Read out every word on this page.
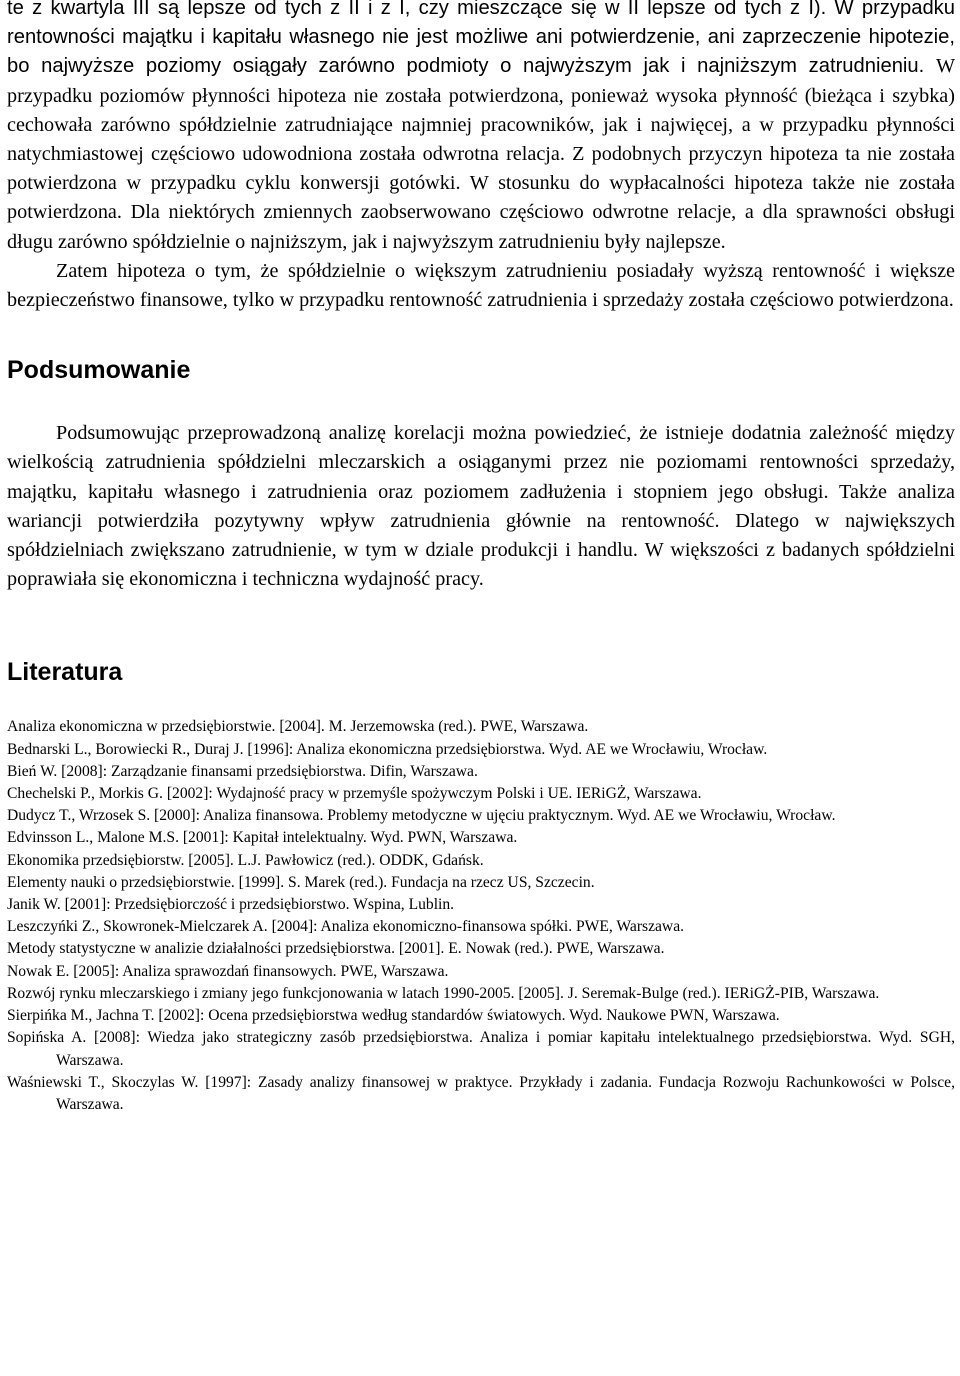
te z kwartyla III są lepsze od tych z II i z I, czy mieszczące się w II lepsze od tych z I). W przypadku rentowności majątku i kapitału własnego nie jest możliwe ani potwierdzenie, ani zaprzeczenie hipotezie, bo najwyższe poziomy osiągały zarówno podmioty o najwyższym jak i najniższym zatrudnieniu. W przypadku poziomów płynności hipoteza nie została potwierdzona, ponieważ wysoka płynność (bieżąca i szybka) cechowała zarówno spółdzielnie zatrudniające najmniej pracowników, jak i najwięcej, a w przypadku płynności natychmiastowej częściowo udowodniona została odwrotna relacja. Z podobnych przyczyn hipoteza ta nie została potwierdzona w przypadku cyklu konwersji gotówki. W stosunku do wypłacalności hipoteza także nie została potwierdzona. Dla niektórych zmiennych zaobserwowano częściowo odwrotne relacje, a dla sprawności obsługi długu zarówno spółdzielnie o najniższym, jak i najwyższym zatrudnieniu były najlepsze.

Zatem hipoteza o tym, że spółdzielnie o większym zatrudnieniu posiadały wyższą rentowność i większe bezpieczeństwo finansowe, tylko w przypadku rentowność zatrudnienia i sprzedaży została częściowo potwierdzona.

Podsumowanie

Podsumowując przeprowadzoną analizę korelacji można powiedzieć, że istnieje dodatnia zależność między wielkością zatrudnienia spółdzielni mleczarskich a osiąganymi przez nie poziomami rentowności sprzedaży, majątku, kapitału własnego i zatrudnienia oraz poziomem zadłużenia i stopniem jego obsługi. Także analiza wariancji potwierdziła pozytywny wpływ zatrudnienia głównie na rentowność. Dlatego w największych spółdzielniach zwiększano zatrudnienie, w tym w dziale produkcji i handlu. W większości z badanych spółdzielni poprawiała się ekonomiczna i techniczna wydajność pracy.

Literatura
Analiza ekonomiczna w przedsiębiorstwie. [2004]. M. Jerzemowska (red.). PWE, Warszawa.
Bednarski L., Borowiecki R., Duraj J. [1996]: Analiza ekonomiczna przedsiębiorstwa. Wyd. AE we Wrocławiu, Wrocław.
Bień W. [2008]: Zarządzanie finansami przedsiębiorstwa. Difin, Warszawa.
Chechelski P., Morkis G. [2002]: Wydajność pracy w przemyśle spożywczym Polski i UE. IERiGŻ, Warszawa.
Dudycz T., Wrzosek S. [2000]: Analiza finansowa. Problemy metodyczne w ujęciu praktycznym. Wyd. AE we Wrocławiu, Wrocław.
Edvinsson L., Malone M.S. [2001]: Kapitał intelektualny. Wyd. PWN, Warszawa.
Ekonomika przedsiębiorstw. [2005]. L.J. Pawłowicz (red.). ODDK, Gdańsk.
Elementy nauki o przedsiębiorstwie. [1999]. S. Marek (red.). Fundacja na rzecz US, Szczecin.
Janik W. [2001]: Przedsiębiorczość i przedsiębiorstwo. Wspina, Lublin.
Leszczyńki Z., Skowronek-Mielczarek A. [2004]: Analiza ekonomiczno-finansowa spółki. PWE, Warszawa.
Metody statystyczne w analizie działalności przedsiębiorstwa. [2001]. E. Nowak (red.). PWE, Warszawa.
Nowak E. [2005]: Analiza sprawozdań finansowych. PWE, Warszawa.
Rozwój rynku mleczarskiego i zmiany jego funkcjonowania w latach 1990-2005. [2005]. J. Seremak-Bulge (red.). IERiGŻ-PIB, Warszawa.
Sierpińka M., Jachna T. [2002]: Ocena przedsiębiorstwa według standardów światowych. Wyd. Naukowe PWN, Warszawa.
Sopińska A. [2008]: Wiedza jako strategiczny zasób przedsiębiorstwa. Analiza i pomiar kapitału intelektualnego przedsiębiorstwa. Wyd. SGH, Warszawa.
Waśniewski T., Skoczylas W. [1997]: Zasady analizy finansowej w praktyce. Przykłady i zadania. Fundacja Rozwoju Rachunkowości w Polsce, Warszawa.
